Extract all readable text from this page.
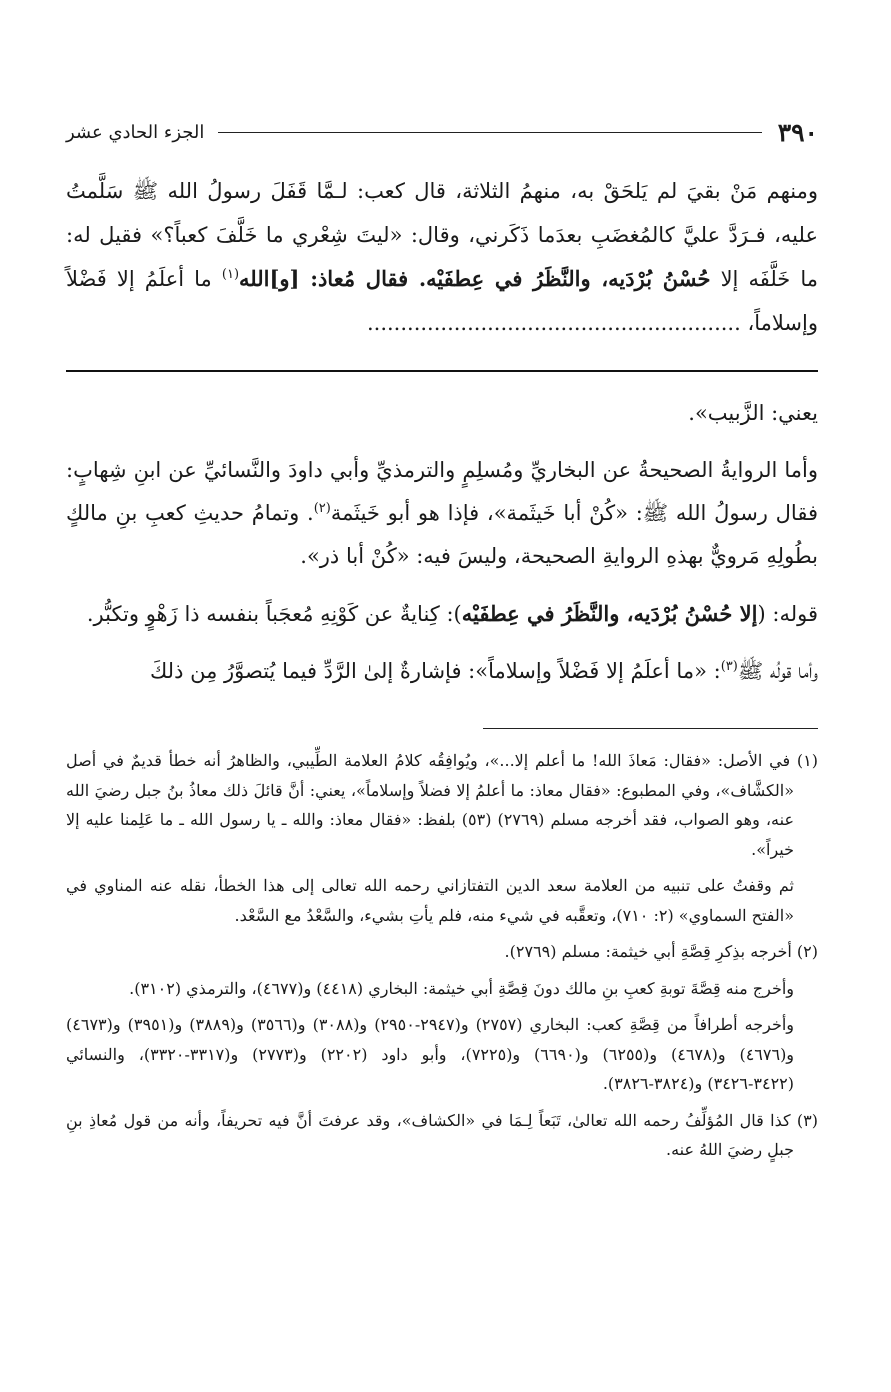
٣٩٠
الجزء الحادي عشر
ومنهم مَنْ بقيَ لم يَلحَقْ به، منهمُ الثلاثة، قال كعب: لـمَّا قَفَلَ رسولُ الله ﷺ سَلَّمتُ عليه، فـرَدَّ عليَّ كالمُغضَبِ بعدَما ذَكَرني، وقال: «ليتَ شِعْري ما خَلَّفَ كعباً؟» فقيل له: ما خَلَّفَه إلا حُسْنُ بُرْدَيه، والنَّظَرُ في عِطفَيْه. فقال مُعاذ: [و]الله$^{(١)}$ ما أعلَمُ إلا فَضْلاً وإسلاماً، ........................................................

يعني: الزَّبيب».

وأما الروايةُ الصحيحةُ عن البخاريِّ ومُسلِمٍ والترمذيِّ وأبي داودَ والنَّسائيِّ عن ابنِ شِهابٍ: فقال رسولُ الله ﷺ: «كُنْ أبا خَيثَمة»، فإذا هو أبو خَيثَمة$^{(٢)}$. وتمامُ حديثِ كعبِ بنِ مالكٍ بطُولِهِ مَرويٌّ بهذهِ الروايةِ الصحيحة، وليسَ فيه: «كُنْ أبا ذر».

قوله: (إلا حُسْنُ بُرْدَيه، والنَّظَرُ في عِطفَيْه): كِنايةٌ عن كَوْنِهِ مُعجَباً بنفسه ذا زَهْوٍ وتكبُّر.

وأما قولُه ﷺ$^{(٣)}$: «ما أعلَمُ إلا فَضْلاً وإسلاماً»: فإشارةٌ إلىٰ الرَّدِّ فيما يُتصوَّرُ مِن ذلكَ

(١) في الأصل: «فقال: مَعاذَ الله! ما أعلم إلا...»، ويُوافِقُه كلامُ العلامة الطِّيبي، والظاهرُ أنه خطأ قديمٌ في أصل «الكشَّاف»، وفي المطبوع: «فقال معاذ: ما أعلمُ إلا فضلاً وإسلاماً»، يعني: أنَّ قائلَ ذلك معاذُ بنُ جبل رضيَ الله عنه، وهو الصواب، فقد أخرجه مسلم (٢٧٦٩) (٥٣) بلفظ: «فقال معاذ: والله ـ يا رسول الله ـ ما عَلِمنا عليه إلا خيراً».

ثم وقفتُ على تنبيه من العلامة سعد الدين التفتازاني رحمه الله تعالى إلى هذا الخطأ، نقله عنه المناوي في «الفتح السماوي» (٢: ٧١٠)، وتعقَّبه في شيء منه، فلم يأتِ بشيء، والسَّعْدُ مع السَّعْد.

(٢) أخرجه بذِكرِ قِصَّةِ أبي خيثمة: مسلم (٢٧٦٩).

وأخرج منه قِصَّةَ توبةِ كعبِ بنِ مالك دونَ قِصَّةِ أبي خيثمة: البخاري (٤٤١٨) و(٤٦٧٧)، والترمذي (٣١٠٢).

وأخرجه أطرافاً من قِصَّةِ كعب: البخاري (٢٧٥٧) و(٢٩٤٧-٢٩٥٠) و(٣٠٨٨) و(٣٥٦٦) و(٣٨٨٩) و(٣٩٥١) و(٤٦٧٣) و(٤٦٧٦) و(٤٦٧٨) و(٦٢٥٥) و(٦٦٩٠) و(٧٢٢٥)، وأبو داود (٢٢٠٢) و(٢٧٧٣) و(٣٣١٧-٣٣٢٠)، والنسائي (٣٤٢٢-٣٤٢٦) و(٣٨٢٤-٣٨٢٦).

(٣) كذا قال المُؤلِّفُ رحمه الله تعالىٰ، تَبَعاً لِـمَا في «الكشاف»، وقد عرفتَ أنَّ فيه تحريفاً، وأنه من قول مُعاذِ بنِ جبلٍ رضيَ اللهُ عنه.
